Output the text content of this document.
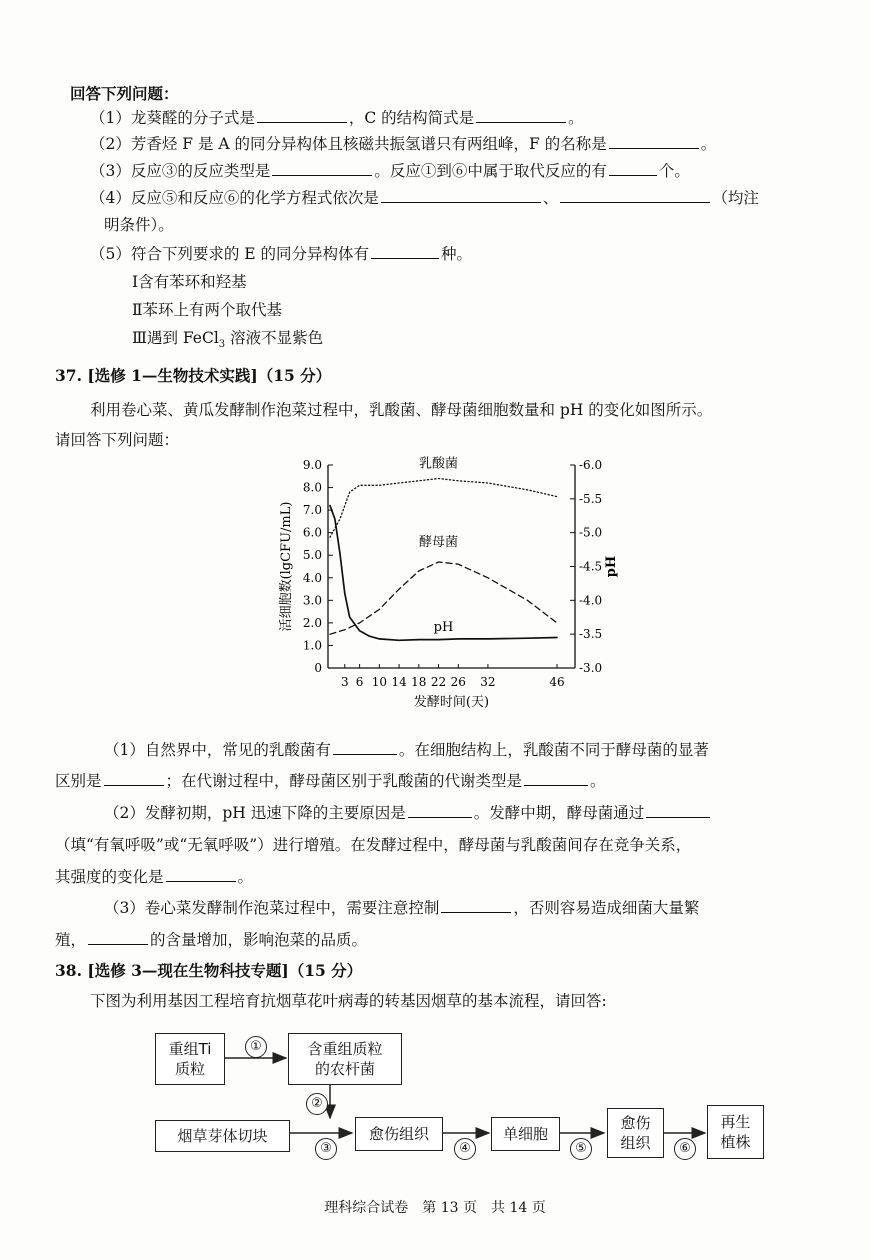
回答下列问题：
（1）龙葵醛的分子式是	，C 的结构简式是	。
（2）芳香烃 F 是 A 的同分异构体且核磁共振氢谱只有两组峰，F 的名称是	。
（3）反应③的反应类型是	。反应①到⑥中属于取代反应的有	个。
（4）反应⑤和反应⑥的化学方程式依次是	、	（均注
明条件）。
（5）符合下列要求的 E 的同分异构体有	种。
Ⅰ含有苯环和羟基
Ⅱ苯环上有两个取代基
Ⅲ遇到 FeCl$_3$ 溶液不显紫色
37. [选修 1—生物技术实践]（15 分）
利用卷心菜、黄瓜发酵制作泡菜过程中，乳酸菌、酵母菌细胞数量和 pH 的变化如图所示。
请回答下列问题：
0
1.0
2.0
3.0
4.0
5.0
6.0
7.0
8.0
9.0
-3.0
-3.5
-4.0
-4.5
-5.0
-5.5
-6.0
3 6 10 14 18 22 26 32	46
发酵时间(天)
活细胞数(lgCFU/mL)	pH
乳酸菌
酵母菌
pH
（1）自然界中，常见的乳酸菌有	。在细胞结构上，乳酸菌不同于酵母菌的显著
区别是	；在代谢过程中，酵母菌区别于乳酸菌的代谢类型是	。
（2）发酵初期，pH 迅速下降的主要原因是	。发酵中期，酵母菌通过
（填“有氧呼吸”或“无氧呼吸”）进行增殖。在发酵过程中，酵母菌与乳酸菌间存在竞争关系，
其强度的变化是	。
（3）卷心菜发酵制作泡菜过程中，需要注意控制	，否则容易造成细菌大量繁
殖，	的含量增加，影响泡菜的品质。
38. [选修 3—现在生物科技专题]（15 分）
下图为利用基因工程培育抗烟草花叶病毒的转基因烟草的基本流程，请回答:
重组Ti
质粒
含重组质粒
的农杆菌
烟草芽体切块	愈伤组织	单细胞
愈伤
组织
再生
植株
①
②
③	④	⑤	⑥
理科综合试卷　第 13 页　共 14 页
